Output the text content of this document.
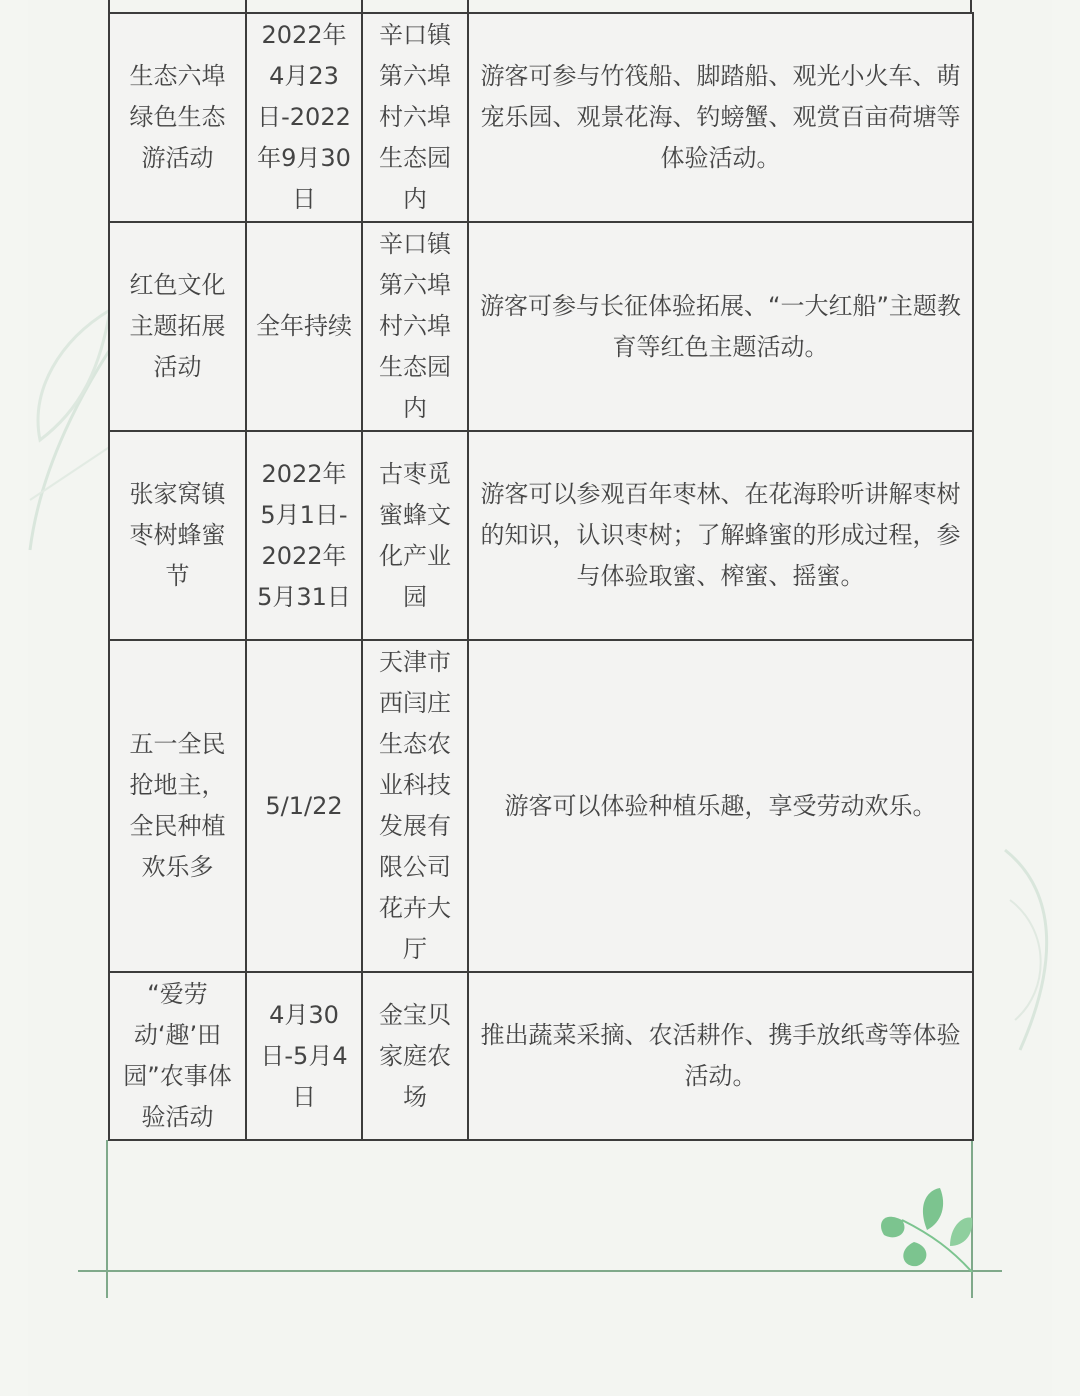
生态六埠绿色生态游活动	2022年4月23日-2022年9月30日	辛口镇第六埠村六埠生态园内	游客可参与竹筏船、脚踏船、观光小火车、萌宠乐园、观景花海、钓螃蟹、观赏百亩荷塘等体验活动。
红色文化主题拓展活动	全年持续	辛口镇第六埠村六埠生态园内	游客可参与长征体验拓展、“一大红船”主题教育等红色主题活动。
张家窝镇枣树蜂蜜节	2022年5月1日-2022年5月31日	古枣觅蜜蜂文化产业园	游客可以参观百年枣林、在花海聆听讲解枣树的知识，认识枣树；了解蜂蜜的形成过程，参与体验取蜜、榨蜜、摇蜜。
五一全民抢地主，全民种植欢乐多	5/1/22	天津市西闫庄生态农业科技发展有限公司花卉大厅	游客可以体验种植乐趣，享受劳动欢乐。
“爱劳动‘趣’田园”农事体验活动	4月30日-5月4日	金宝贝家庭农场	推出蔬菜采摘、农活耕作、携手放纸鸢等体验活动。
